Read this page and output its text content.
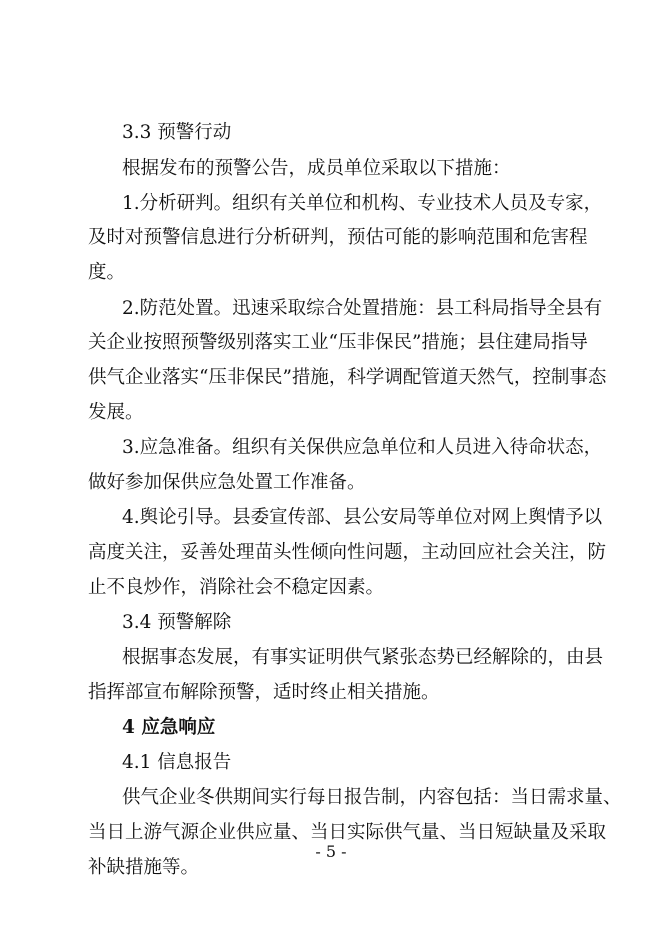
3.3 预警行动
根据发布的预警公告，成员单位采取以下措施：
1.分析研判。组织有关单位和机构、专业技术人员及专家，
及时对预警信息进行分析研判，预估可能的影响范围和危害程
度。
2.防范处置。迅速采取综合处置措施：县工科局指导全县有
关企业按照预警级别落实工业“压非保民”措施；县住建局指导
供气企业落实“压非保民”措施，科学调配管道天然气，控制事态
发展。
3.应急准备。组织有关保供应急单位和人员进入待命状态，
做好参加保供应急处置工作准备。
4.舆论引导。县委宣传部、县公安局等单位对网上舆情予以
高度关注，妥善处理苗头性倾向性问题，主动回应社会关注，防
止不良炒作，消除社会不稳定因素。
3.4 预警解除
根据事态发展，有事实证明供气紧张态势已经解除的，由县
指挥部宣布解除预警，适时终止相关措施。
4 应急响应
4.1 信息报告
供气企业冬供期间实行每日报告制，内容包括：当日需求量、
当日上游气源企业供应量、当日实际供气量、当日短缺量及采取
补缺措施等。
- 5 -
